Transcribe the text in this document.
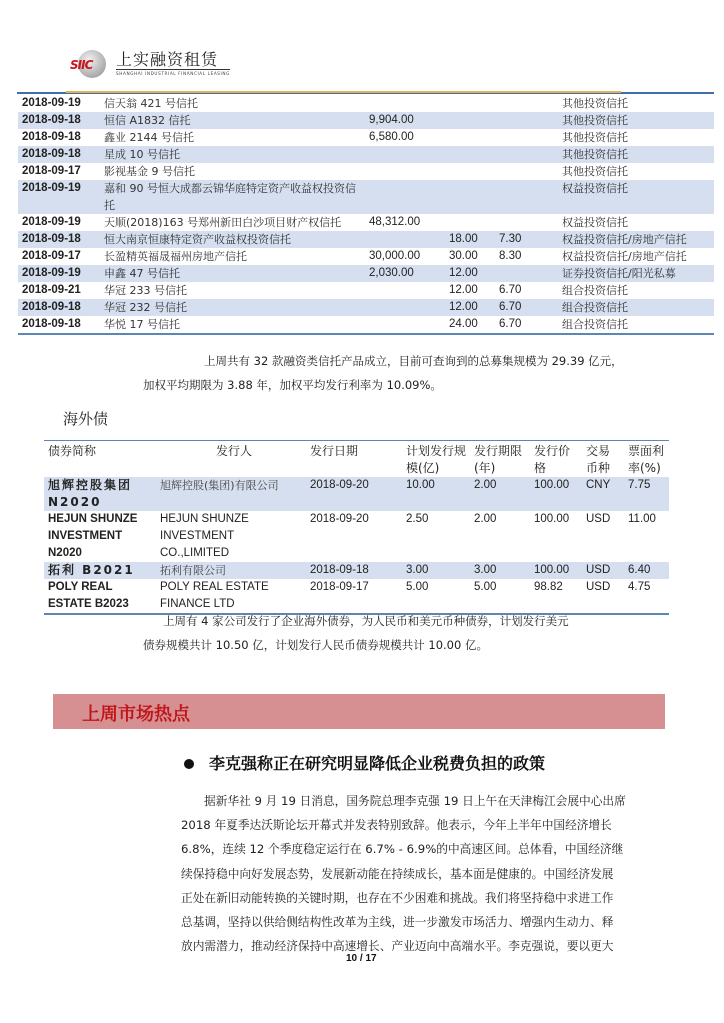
SIIC 上实融资租赁
SHANGHAI INDUSTRIAL FINANCIAL LEASING
2018-09-19	信天翁 421 号信托				其他投资信托
2018-09-18	恒信 A1832 信托	9,904.00			其他投资信托
2018-09-18	鑫业 2144 号信托	6,580.00			其他投资信托
2018-09-18	星成 10 号信托				其他投资信托
2018-09-17	影视基金 9 号信托				其他投资信托
2018-09-19	嘉和 90 号恒大成都云锦华庭特定资产收益权投资信托				权益投资信托
2018-09-19	天顺(2018)163 号郑州新田白沙项目财产权信托	48,312.00			权益投资信托
2018-09-18	恒大南京恒康特定资产收益权投资信托		18.00	7.30	权益投资信托/房地产信托
2018-09-17	长盈精英福晟福州房地产信托	30,000.00	30.00	8.30	权益投资信托/房地产信托
2018-09-19	申鑫 47 号信托	2,030.00	12.00		证券投资信托/阳光私募
2018-09-21	华冠 233 号信托		12.00	6.70	组合投资信托
2018-09-18	华冠 232 号信托		12.00	6.70	组合投资信托
2018-09-18	华悦 17 号信托		24.00	6.70	组合投资信托
上周共有 32 款融资类信托产品成立，目前可查询到的总募集规模为 29.39 亿元，
加权平均期限为 3.88 年，加权平均发行利率为 10.09%。
海外债
债券简称	发行人	发行日期	计划发行规模(亿)	发行期限(年)	发行价格	交易币种	票面利率(%)
旭辉控股集团 N2020	旭辉控股(集团)有限公司	2018-09-20	10.00	2.00	100.00	CNY	7.75
HEJUN SHUNZE INVESTMENT N2020	HEJUN SHUNZE INVESTMENT CO.,LIMITED	2018-09-20	2.50	2.00	100.00	USD	11.00
拓利 B2021	拓利有限公司	2018-09-18	3.00	3.00	100.00	USD	6.40
POLY REAL ESTATE B2023	POLY REAL ESTATE FINANCE LTD	2018-09-17	5.00	5.00	98.82	USD	4.75
上周有 4 家公司发行了企业海外债券，为人民币和美元币种债券，计划发行美元
债券规模共计 10.50 亿，计划发行人民币债券规模共计 10.00 亿。
上周市场热点
李克强称正在研究明显降低企业税费负担的政策
据新华社 9 月 19 日消息，国务院总理李克强 19 日上午在天津梅江会展中心出席
2018 年夏季达沃斯论坛开幕式并发表特别致辞。他表示，今年上半年中国经济增长
6.8%，连续 12 个季度稳定运行在 6.7% - 6.9%的中高速区间。总体看，中国经济继
续保持稳中向好发展态势，发展新动能在持续成长，基本面是健康的。中国经济发展
正处在新旧动能转换的关键时期，也存在不少困难和挑战。我们将坚持稳中求进工作
总基调，坚持以供给侧结构性改革为主线，进一步激发市场活力、增强内生动力、释
放内需潜力，推动经济保持中高速增长、产业迈向中高端水平。李克强说，要以更大
10 / 17
